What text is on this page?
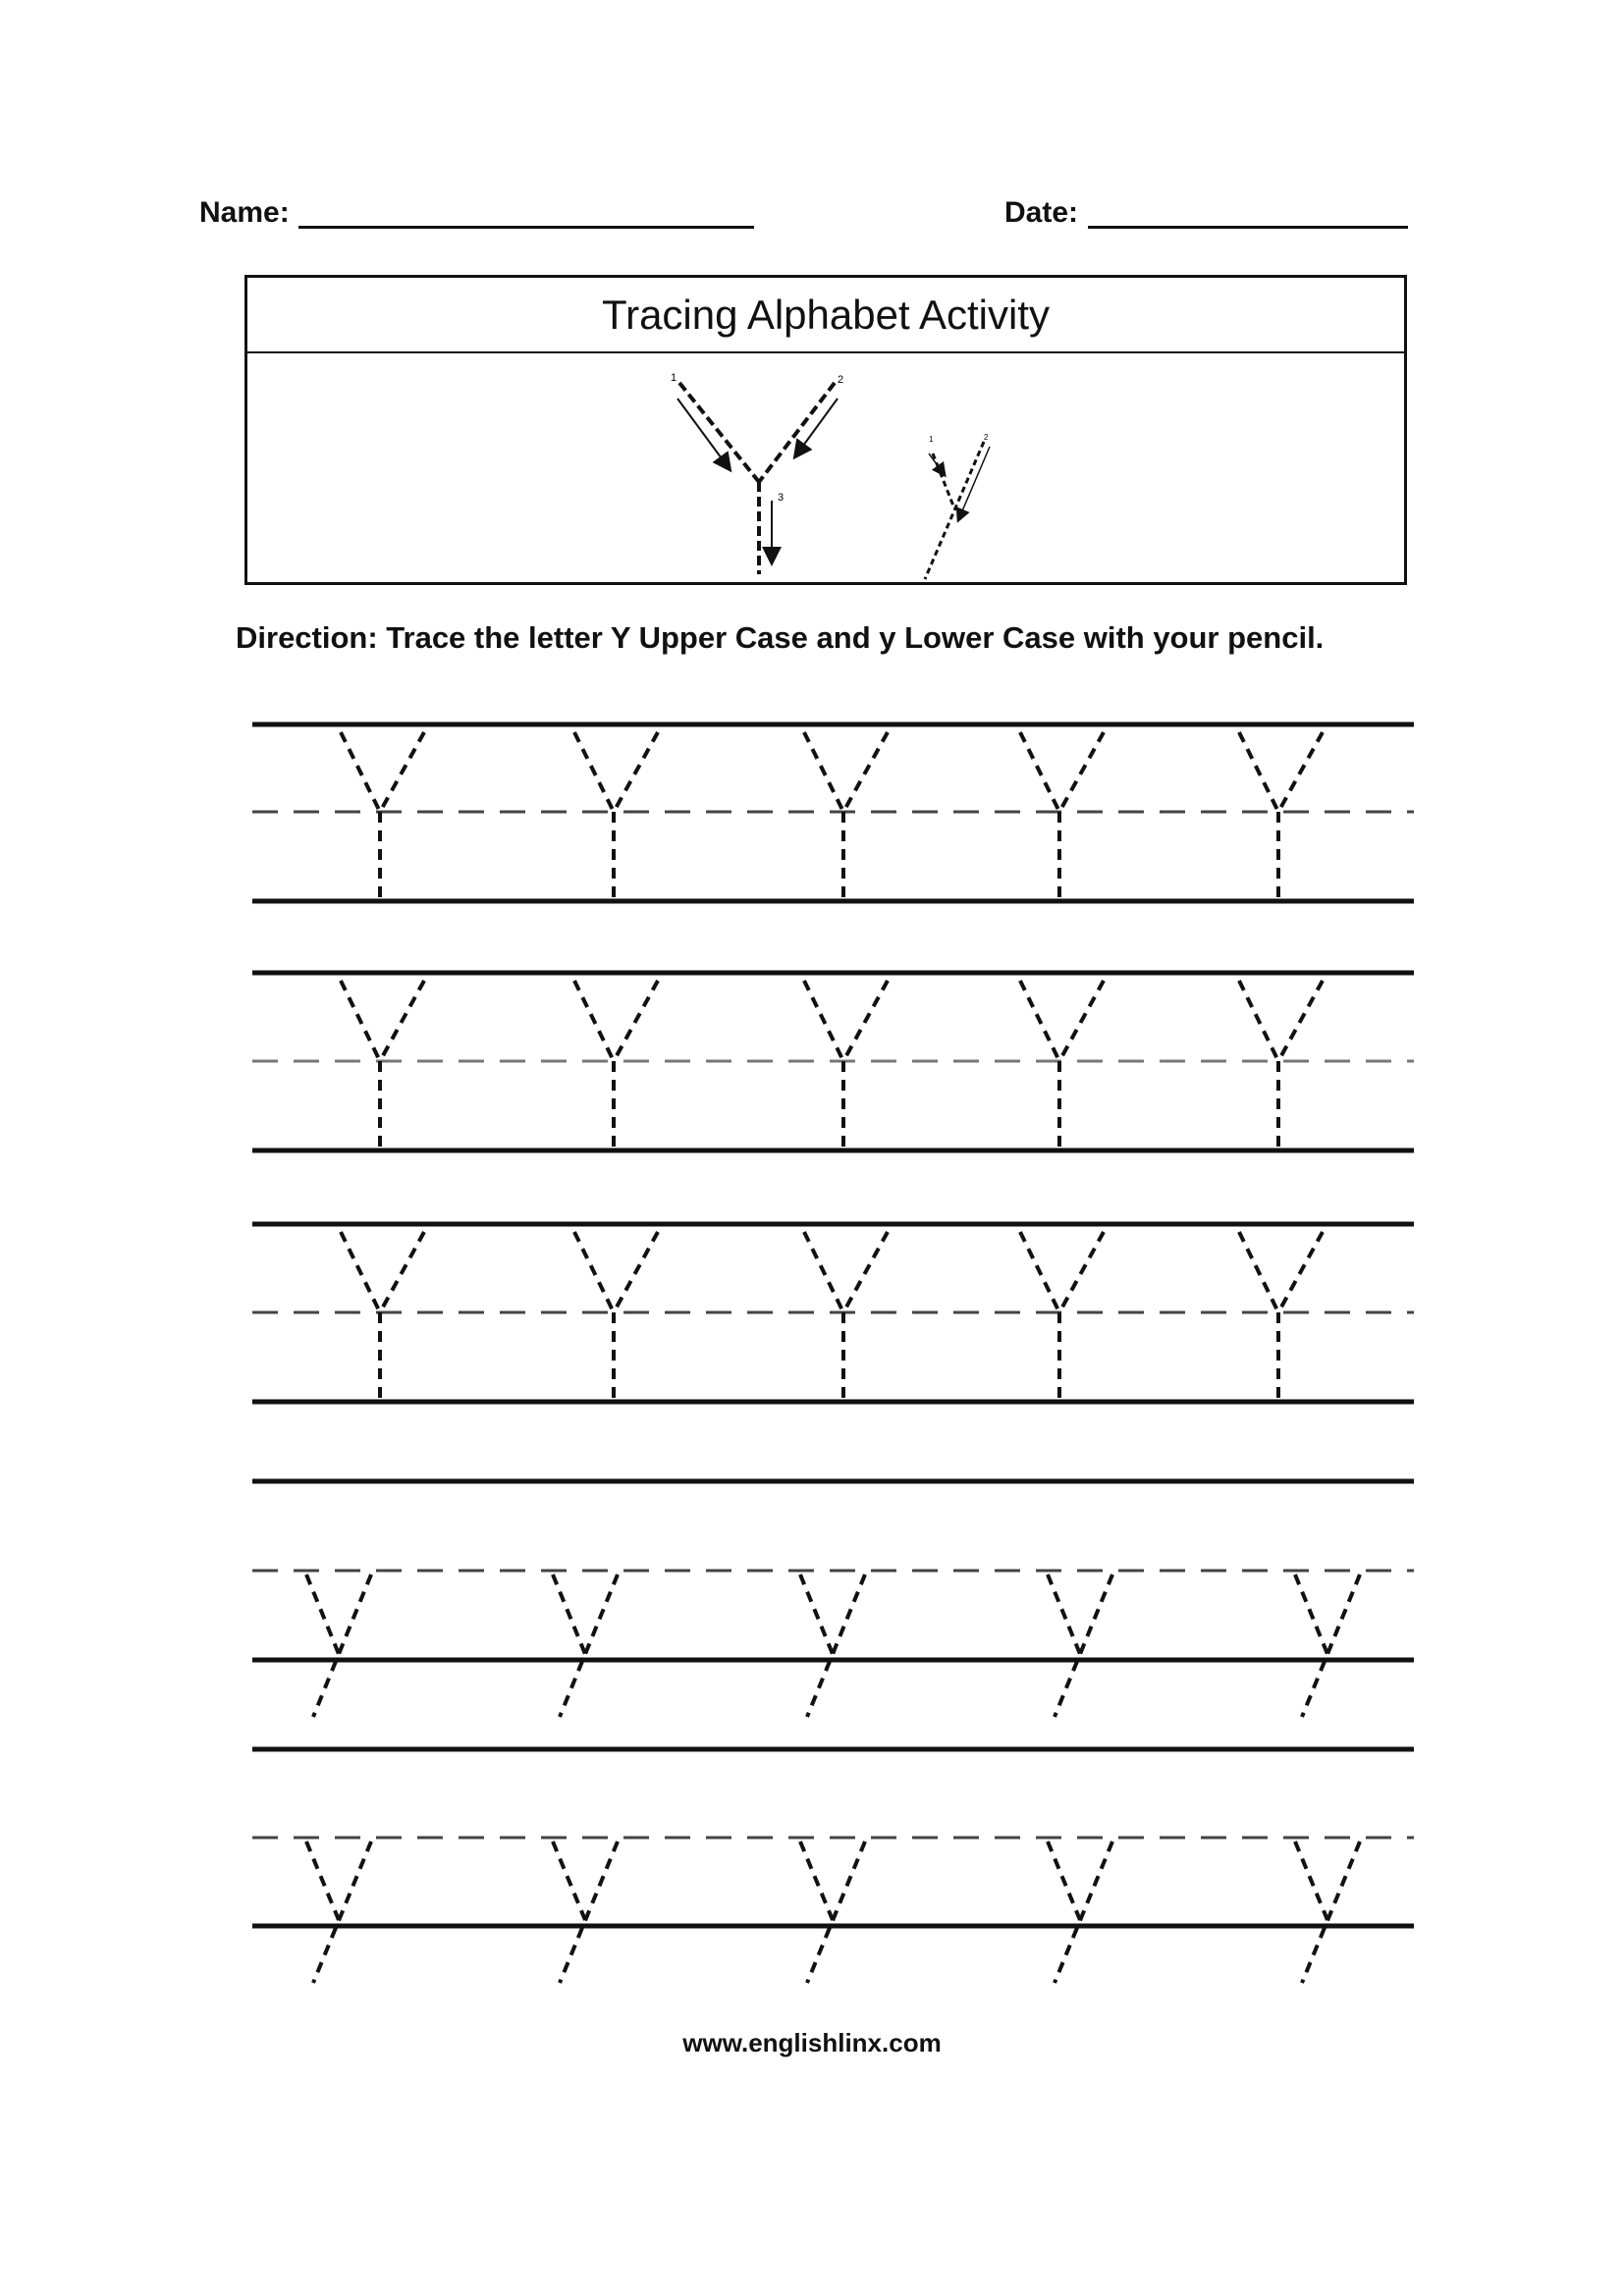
Name:	Date:
Tracing Alphabet Activity
1	2
3
1	2
Direction: Trace the letter Y Upper Case and y Lower Case with your pencil.
www.englishlinx.com
